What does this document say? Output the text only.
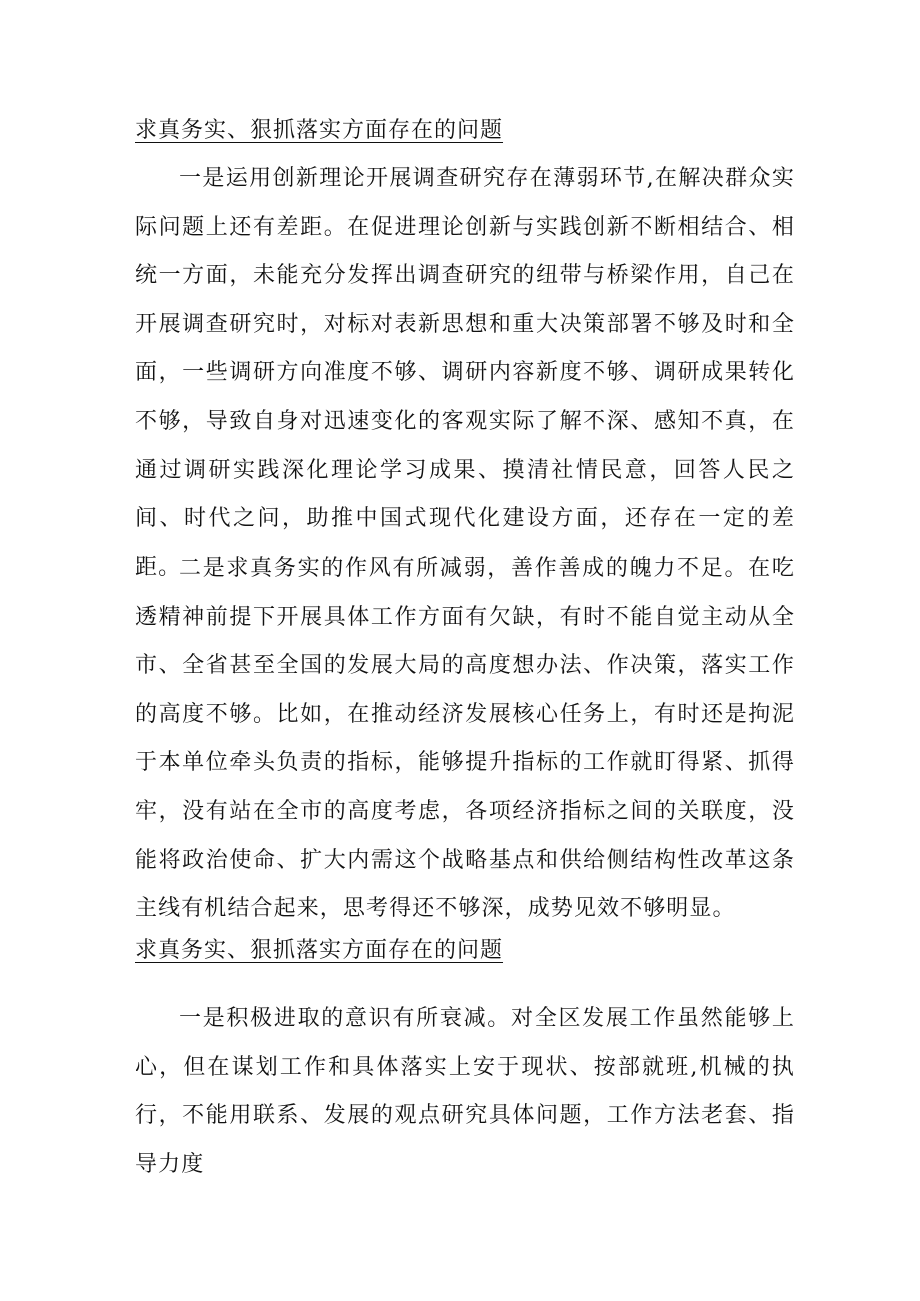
求真务实、狠抓落实方面存在的问题

一是运用创新理论开展调查研究存在薄弱环节,在解决群众实际问题上还有差距。在促进理论创新与实践创新不断相结合、相统一方面，未能充分发挥出调查研究的纽带与桥梁作用，自己在开展调查研究时，对标对表新思想和重大决策部署不够及时和全面，一些调研方向准度不够、调研内容新度不够、调研成果转化不够，导致自身对迅速变化的客观实际了解不深、感知不真，在通过调研实践深化理论学习成果、摸清社情民意，回答人民之间、时代之问，助推中国式现代化建设方面，还存在一定的差距。

二是求真务实的作风有所减弱，善作善成的魄力不足。在吃透精神前提下开展具体工作方面有欠缺，有时不能自觉主动从全市、全省甚至全国的发展大局的高度想办法、作决策，落实工作的高度不够。比如，在推动经济发展核心任务上，有时还是拘泥于本单位牵头负责的指标，能够提升指标的工作就盯得紧、抓得牢，没有站在全市的高度考虑，各项经济指标之间的关联度，没能将政治使命、扩大内需这个战略基点和供给侧结构性改革这条主线有机结合起来，思考得还不够深，成势见效不够明显。

求真务实、狠抓落实方面存在的问题

一是积极进取的意识有所衰减。对全区发展工作虽然能够上心，但在谋划工作和具体落实上安于现状、按部就班,机械的执行，不能用联系、发展的观点研究具体问题，工作方法老套、指导力度
